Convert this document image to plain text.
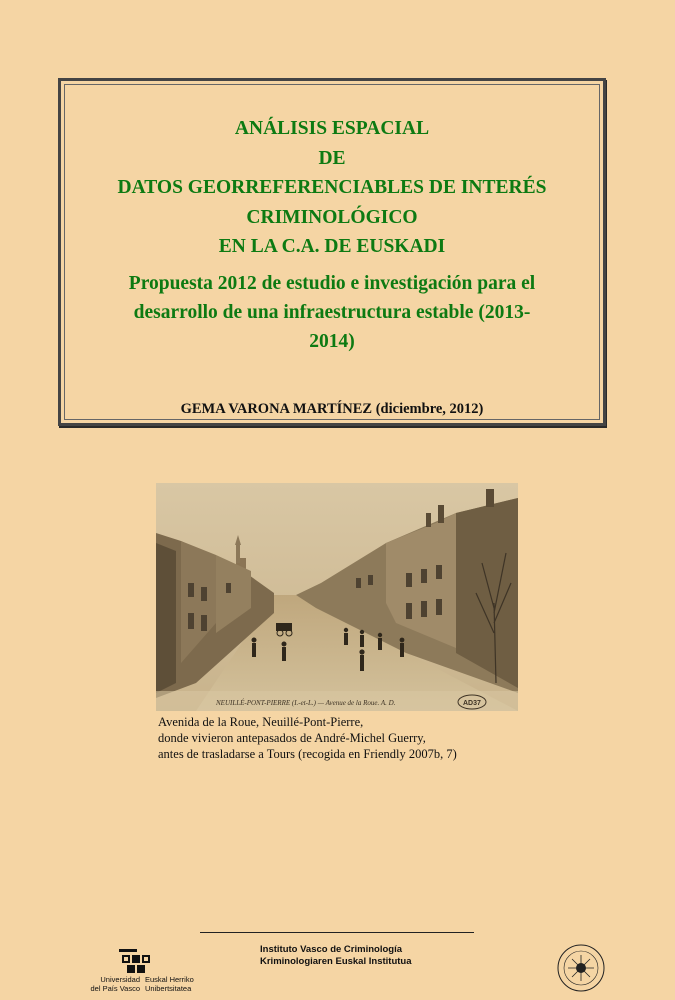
ANÁLISIS ESPACIAL
DE
DATOS GEORREFERENCIABLES DE INTERÉS
CRIMINOLÓGICO
EN LA C.A. DE EUSKADI
Propuesta 2012 de estudio e investigación para el
desarrollo de una infraestructura estable (2013-
2014)
GEMA VARONA MARTÍNEZ (diciembre, 2012)
NEUILLÉ-PONT-PIERRE (I.-et-L.) — Avenue de la Roue. A. D.	AD37
Avenida de la Roue, Neuillé-Pont-Pierre,
donde vivieron antepasados de André-Michel Guerry,
antes de trasladarse a Tours (recogida en Friendly 2007b, 7)
Instituto Vasco de Criminología
Kriminologiaren Euskal Institutua
Universidad
del País Vasco
Euskal Herriko
Unibertsitatea
